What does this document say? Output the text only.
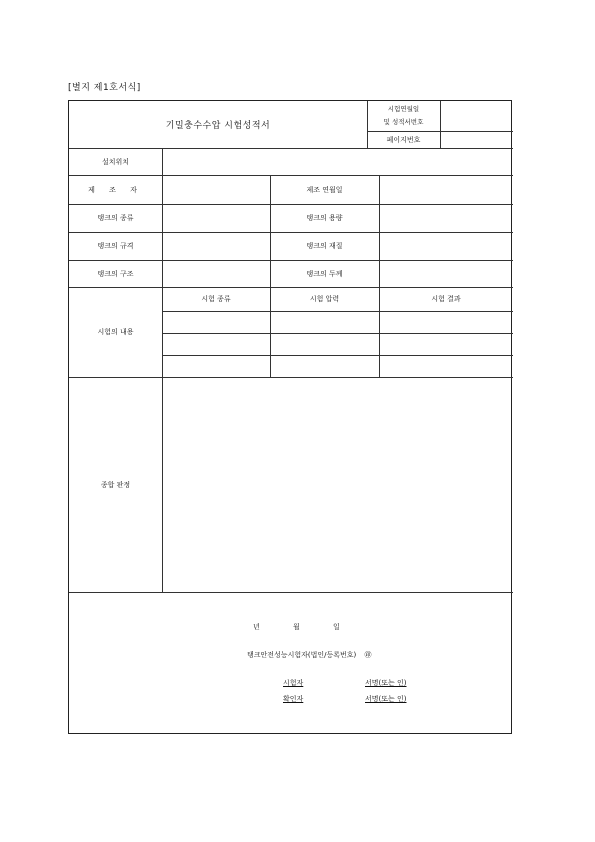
[별지 제1호서식]
기밀충수수압 시험성적서
시험연월일
및 성적서번호
페이지번호
설치위치
제 조 자	제조 연월일
탱크의 종류	탱크의 용량
탱크의 규격	탱크의 재질
탱크의 구조	탱크의 두께
시험의 내용
시험 종류	시험 압력	시험 결과
종합 판정
년	월	일
탱크안전성능시험자(법인/등록번호) ㊞
시험자	서명(또는 인)
확인자	서명(또는 인)
